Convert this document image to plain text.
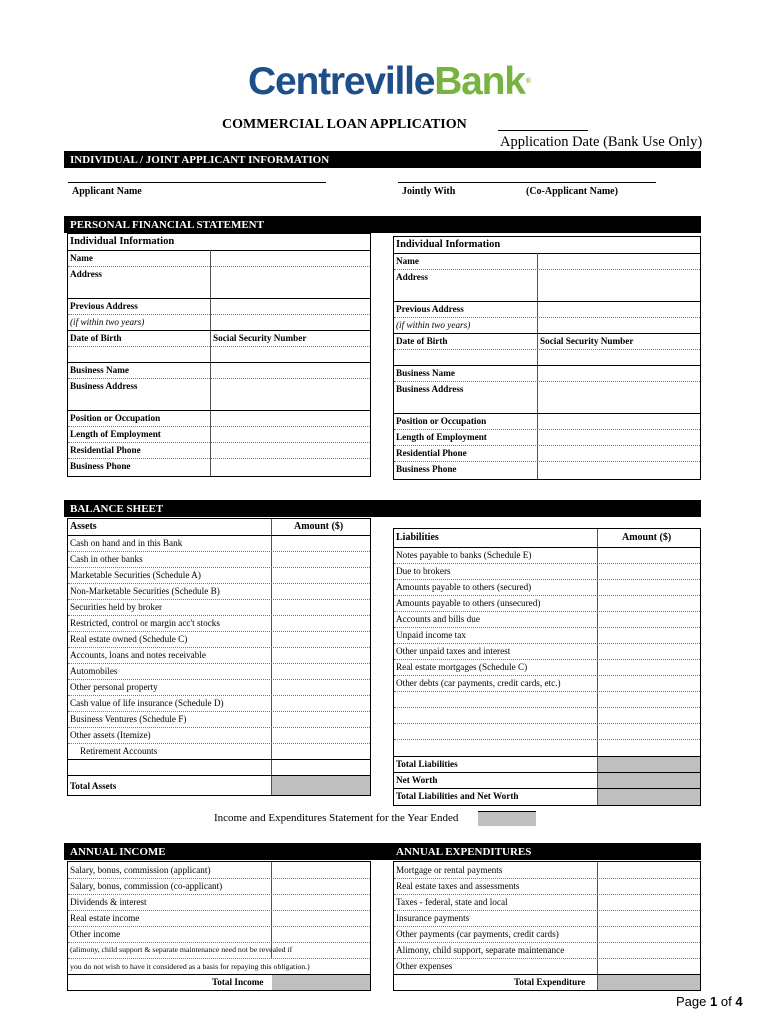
CentrevilleBank®
COMMERCIAL LOAN APPLICATION
Application Date (Bank Use Only)
INDIVIDUAL / JOINT APPLICANT INFORMATION
Applicant Name	Jointly With	(Co-Applicant Name)
PERSONAL FINANCIAL STATEMENT
Individual Information
Name
Address
Previous Address
(if within two years)
Date of Birth	Social Security Number
Business Name
Business Address
Position or Occupation
Length of Employment
Residential Phone
Business Phone
Individual Information
Name
Address
Previous Address
(if within two years)
Date of Birth	Social Security Number
Business Name
Business Address
Position or Occupation
Length of Employment
Residential Phone
Business Phone
BALANCE SHEET
Assets	Amount ($)
Cash on hand and in this Bank
Cash in other banks
Marketable Securities (Schedule A)
Non-Marketable Securities (Schedule B)
Securities held by broker
Restricted, control or margin acc't stocks
Real estate owned (Schedule C)
Accounts, loans and notes receivable
Automobiles
Other personal property
Cash value of life insurance (Schedule D)
Business Ventures (Schedule F)
Other assets (Itemize)
Retirement Accounts
Total Assets
Liabilities	Amount ($)
Notes payable to banks (Schedule E)
Due to brokers
Amounts payable to others (secured)
Amounts payable to others (unsecured)
Accounts and bills due
Unpaid income tax
Other unpaid taxes and interest
Real estate mortgages (Schedule C)
Other debts (car payments, credit cards, etc.)
Total Liabilities
Net Worth
Total Liabilities and Net Worth
Income and Expenditures Statement for the Year Ended
ANNUAL INCOME	ANNUAL EXPENDITURES
Salary, bonus, commission (applicant)
Salary, bonus, commission (co-applicant)
Dividends & interest
Real estate income
Other income
(alimony, child support & separate maintenance need not be revealed if
you do not wish to have it considered as a basis for repaying this obligation.)
Total Income
Mortgage or rental payments
Real estate taxes and assessments
Taxes - federal, state and local
Insurance payments
Other payments (car payments, credit cards)
Alimony, child support, separate maintenance
Other expenses
Total Expenditure
Page 1 of 4
